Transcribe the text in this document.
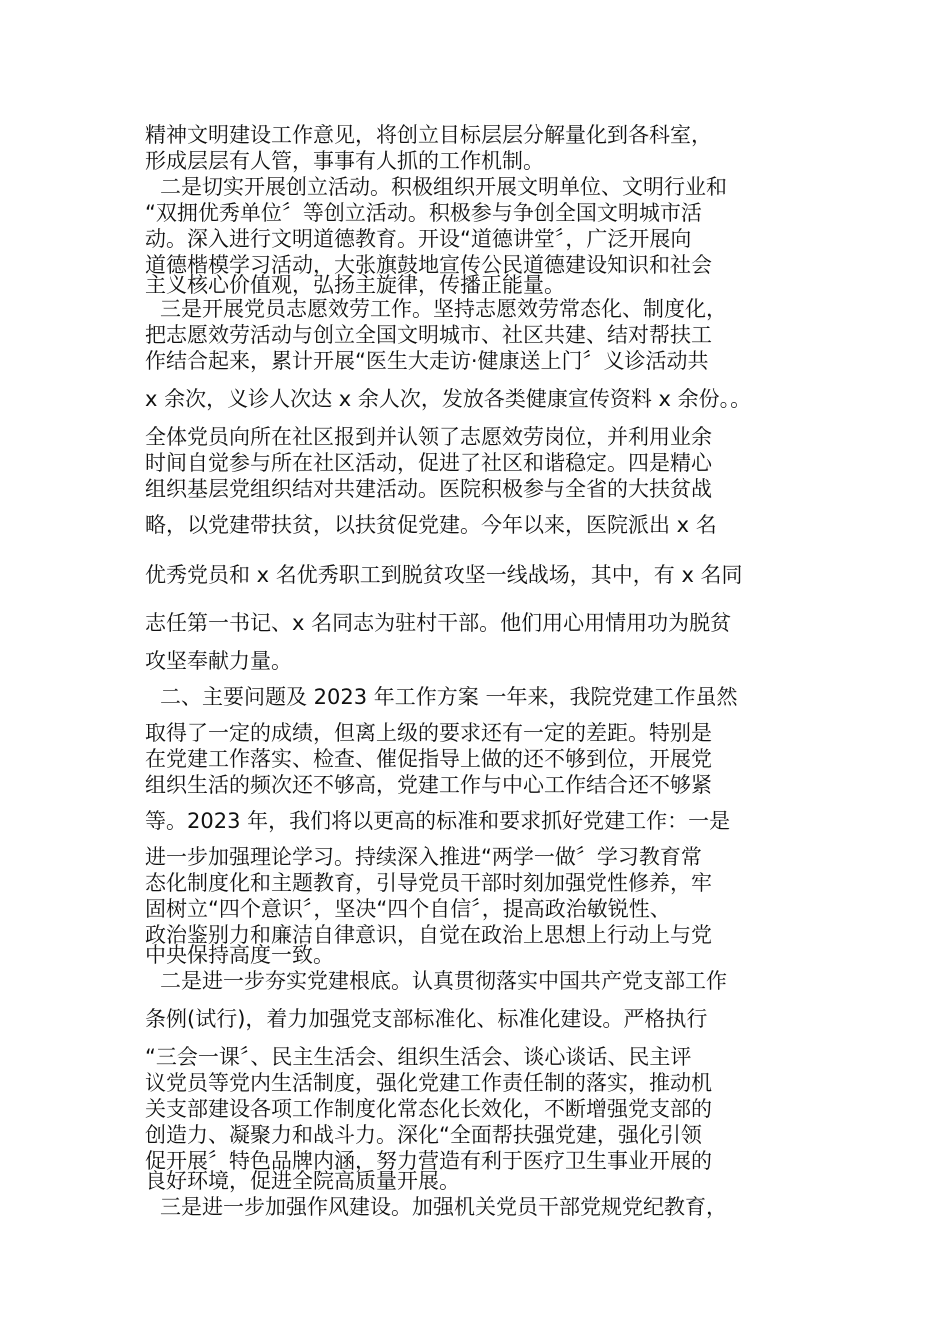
精神文明建设工作意见，将创立目标层层分解量化到各科室，

形成层层有人管，事事有人抓的工作机制。

二是切实开展创立活动。积极组织开展文明单位、文明行业和

“双拥优秀单位〞等创立活动。积极参与争创全国文明城市活

动。深入进行文明道德教育。开设“道德讲堂〞，广泛开展向

道德楷模学习活动，大张旗鼓地宣传公民道德建设知识和社会

主义核心价值观，弘扬主旋律，传播正能量。

三是开展党员志愿效劳工作。坚持志愿效劳常态化、制度化，

把志愿效劳活动与创立全国文明城市、社区共建、结对帮扶工

作结合起来，累计开展“医生大走访·健康送上门〞义诊活动共

x 余次，义诊人次达 x 余人次，发放各类健康宣传资料 x 余份。。

全体党员向所在社区报到并认领了志愿效劳岗位，并利用业余

时间自觉参与所在社区活动，促进了社区和谐稳定。四是精心

组织基层党组织结对共建活动。医院积极参与全省的大扶贫战

略，以党建带扶贫，以扶贫促党建。今年以来，医院派出 x 名

优秀党员和 x 名优秀职工到脱贫攻坚一线战场，其中，有 x 名同

志任第一书记、x 名同志为驻村干部。他们用心用情用功为脱贫

攻坚奉献力量。

二、主要问题及 2023 年工作方案 一年来，我院党建工作虽然

取得了一定的成绩，但离上级的要求还有一定的差距。特别是

在党建工作落实、检查、催促指导上做的还不够到位，开展党

组织生活的频次还不够高，党建工作与中心工作结合还不够紧

等。2023 年，我们将以更高的标准和要求抓好党建工作：一是

进一步加强理论学习。持续深入推进“两学一做〞学习教育常

态化制度化和主题教育，引导党员干部时刻加强党性修养，牢

固树立“四个意识〞，坚决“四个自信〞，提高政治敏锐性、

政治鉴别力和廉洁自律意识，自觉在政治上思想上行动上与党

中央保持高度一致。

二是进一步夯实党建根底。认真贯彻落实中国共产党支部工作

条例(试行)，着力加强党支部标准化、标准化建设。严格执行

“三会一课〞、民主生活会、组织生活会、谈心谈话、民主评

议党员等党内生活制度，强化党建工作责任制的落实，推动机

关支部建设各项工作制度化常态化长效化，不断增强党支部的

创造力、凝聚力和战斗力。深化“全面帮扶强党建，强化引领

促开展〞特色品牌内涵，努力营造有利于医疗卫生事业开展的

良好环境，促进全院高质量开展。

三是进一步加强作风建设。加强机关党员干部党规党纪教育，
